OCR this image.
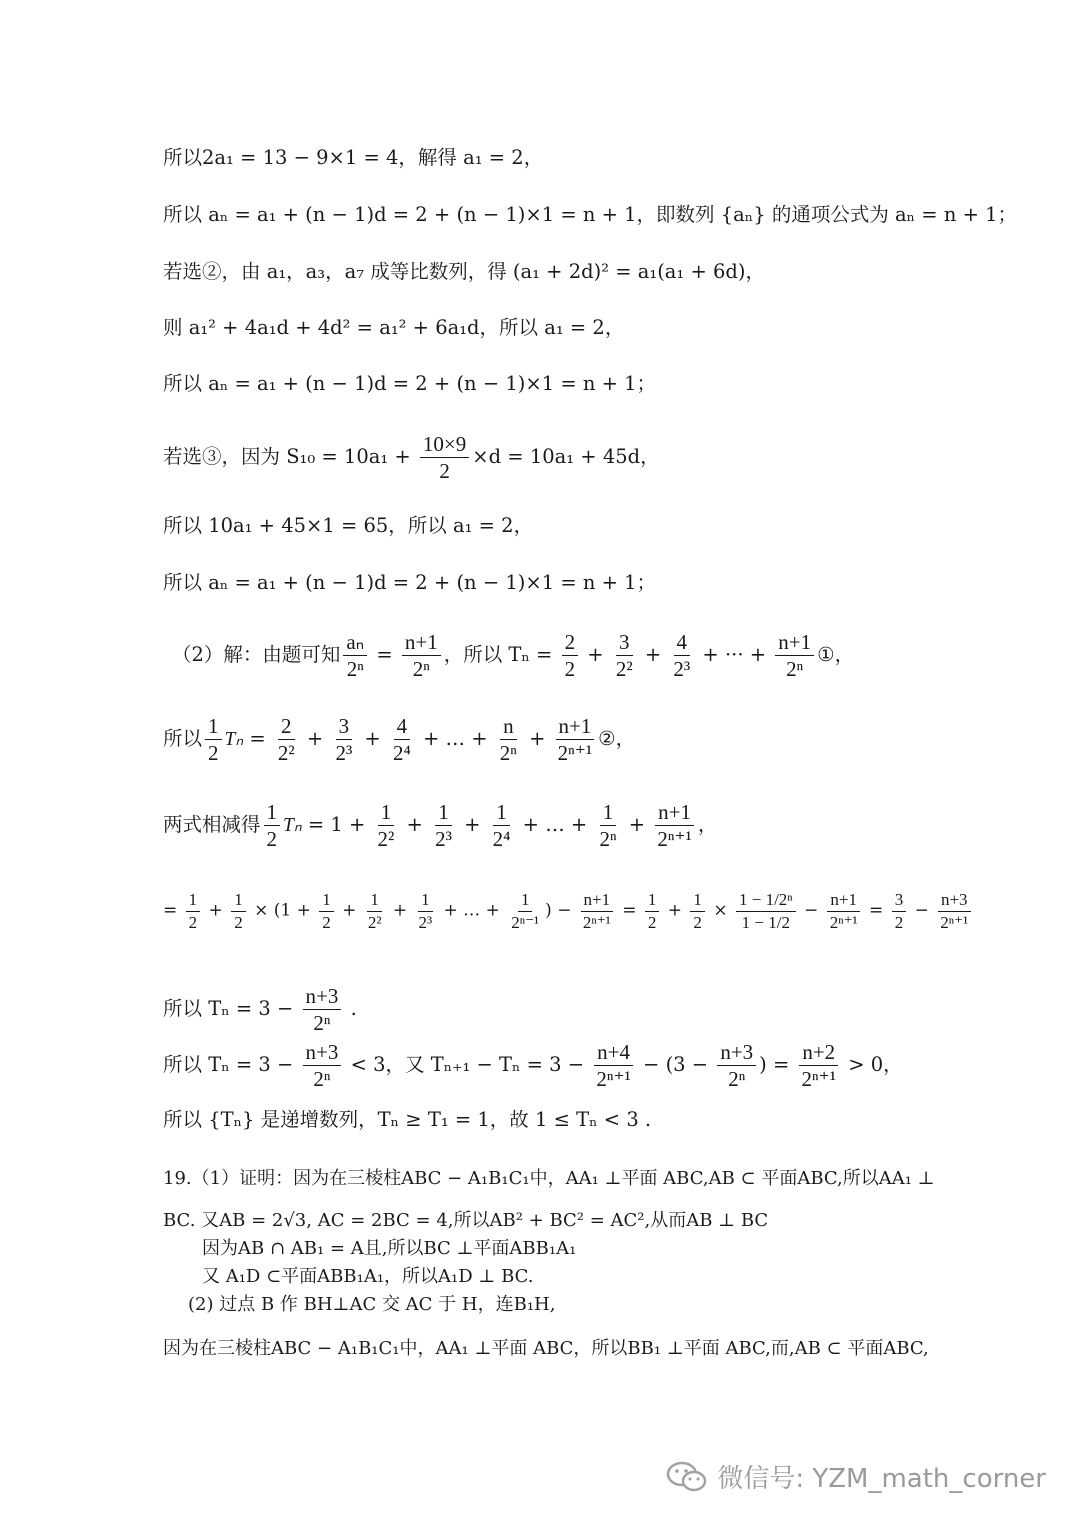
所以2a₁ = 13 − 9×1 = 4，解得 a₁ = 2，
所以 aₙ = a₁ + (n − 1)d = 2 + (n − 1)×1 = n + 1，即数列 {aₙ} 的通项公式为 aₙ = n + 1；
若选②，由 a₁，a₃，a₇ 成等比数列，得 (a₁ + 2d)² = a₁(a₁ + 6d)，
则 a₁² + 4a₁d + 4d² = a₁² + 6a₁d，所以 a₁ = 2，
所以 aₙ = a₁ + (n − 1)d = 2 + (n − 1)×1 = n + 1；
若选③，因为 $S_{10} = 10a_1 + \frac{10\times 9}{2} \times d = 10a_1 + 45d$，
所以 10a₁ + 45×1 = 65，所以 a₁ = 2，
所以 aₙ = a₁ + (n − 1)d = 2 + (n − 1)×1 = n + 1；
（2）解：由题可知 $\frac{\text{aₙ}}{\text{2ⁿ}} = \frac{n+1}{\text{2ⁿ}}$ ，所以 $T_n = \frac{2}{2} + \frac{3}{\text{2²}} + \frac{4}{\text{2³}}$ + ··· + $\frac{n+1}{\text{2ⁿ}}$ ①，
所以 $\frac{1}{2}$ $T_n = \frac{2}{\text{2²}} + \frac{3}{\text{2³}} + \frac{4}{\text{2⁴}}$ + … + $\frac{n}{\text{2ⁿ}} + \frac{n+1}{\text{2ⁿ⁺¹}}$ ②，
两式相减得 $\frac{1}{2}$ $T_n = 1 + \frac{1}{\text{2²}} + \frac{1}{\text{2³}} + \frac{1}{\text{2⁴}}$ + … + $\frac{1}{\text{2ⁿ}} + \frac{n+1}{\text{2ⁿ⁺¹}}$ ，
= $\frac{1}{2} + \frac{1}{2} \times (1 + \frac{1}{2} + \frac{1}{\text{2²}} + \frac{1}{\text{2³}}$ + … + $\frac{1}{\text{2ⁿ⁻¹}}$ ) − $\frac{n+1}{\text{2ⁿ⁺¹}} = \frac{1}{2} + \frac{1}{2} \times \frac{\text{1 − 1/2ⁿ}}{1 - 1/2} - \frac{n+1}{\text{2ⁿ⁺¹}} = \frac{3}{2} - \frac{n+3}{\text{2ⁿ⁺¹}}$
所以 $T_n = 3 - \frac{n+3}{\text{2ⁿ}}$ .
所以 $T_n = 3 - \frac{n+3}{\text{2ⁿ}} < 3$，又 $T_{n+1} - T_n = 3 - \frac{n+4}{\text{2ⁿ⁺¹}} - (3 - \frac{n+3}{\text{2ⁿ}}$ ) = $\frac{n+2}{\text{2ⁿ⁺¹}} > 0$，
所以 {Tₙ} 是递增数列，Tₙ ≥ T₁ = 1，故 1 ≤ Tₙ < 3 .
19.（1）证明：因为在三棱柱ABC − A₁B₁C₁中，AA₁ ⊥平面 ABC,AB ⊂ 平面ABC,所以AA₁ ⊥
BC. 又AB = 2√3, AC = 2BC = 4,所以AB² + BC² = AC²,从而AB ⊥ BC
因为AB ∩ AB₁ = A且,所以BC ⊥平面ABB₁A₁
又 A₁D ⊂平面ABB₁A₁，所以A₁D ⊥ BC.
(2) 过点 B 作 BH⊥AC 交 AC 于 H，连B₁H,
因为在三棱柱ABC − A₁B₁C₁中，AA₁ ⊥平面 ABC，所以BB₁ ⊥平面 ABC,而,AB ⊂ 平面ABC,
微信号: YZM_math_corner
